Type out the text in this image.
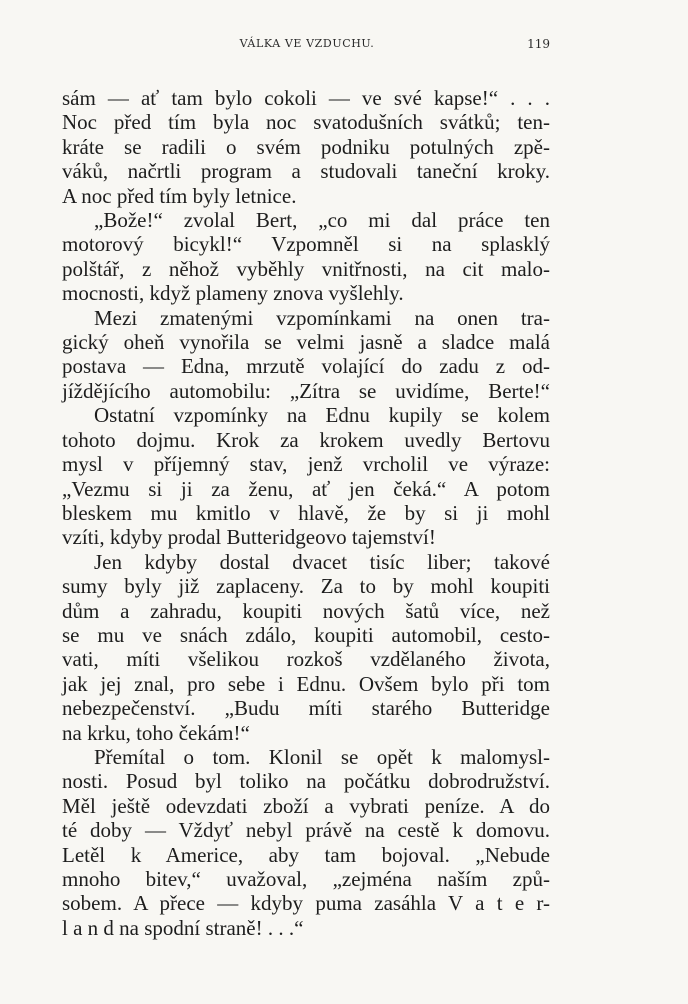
VÁLKA VE VZDUCHU.	119
sám — ať tam bylo cokoli — ve své kapse!“ . . .
Noc před tím byla noc svatodušních svátků; ten-
kráte se radili o svém podniku potulných zpě-
váků, načrtli program a studovali taneční kroky.
A noc před tím byly letnice.
„Bože!“ zvolal Bert, „co mi dal práce ten
motorový bicykl!“ Vzpomněl si na splasklý
polštář, z něhož vyběhly vnitřnosti, na cit malo-
mocnosti, když plameny znova vyšlehly.
Mezi zmatenými vzpomínkami na onen tra-
gický oheň vynořila se velmi jasně a sladce malá
postava — Edna, mrzutě volající do zadu z od-
jíždějícího automobilu: „Zítra se uvidíme, Berte!“
Ostatní vzpomínky na Ednu kupily se kolem
tohoto dojmu. Krok za krokem uvedly Bertovu
mysl v příjemný stav, jenž vrcholil ve výraze:
„Vezmu si ji za ženu, ať jen čeká.“ A potom
bleskem mu kmitlo v hlavě, že by si ji mohl
vzíti, kdyby prodal Butteridgeovo tajemství!
Jen kdyby dostal dvacet tisíc liber; takové
sumy byly již zaplaceny. Za to by mohl koupiti
dům a zahradu, koupiti nových šatů více, než
se mu ve snách zdálo, koupiti automobil, cesto-
vati, míti všelikou rozkoš vzdělaného života,
jak jej znal, pro sebe i Ednu. Ovšem bylo při tom
nebezpečenství. „Budu míti starého Butteridge
na krku, toho čekám!“
Přemítal o tom. Klonil se opět k malomysl-
nosti. Posud byl toliko na počátku dobrodružství.
Měl ještě odevzdati zboží a vybrati peníze. A do
té doby — Vždyť nebyl právě na cestě k domovu.
Letěl k Americe, aby tam bojoval. „Nebude
mnoho bitev,“ uvažoval, „zejména naším způ-
sobem. A přece — kdyby puma zasáhla V a t e r-
l a n d na spodní straně! . . .“
